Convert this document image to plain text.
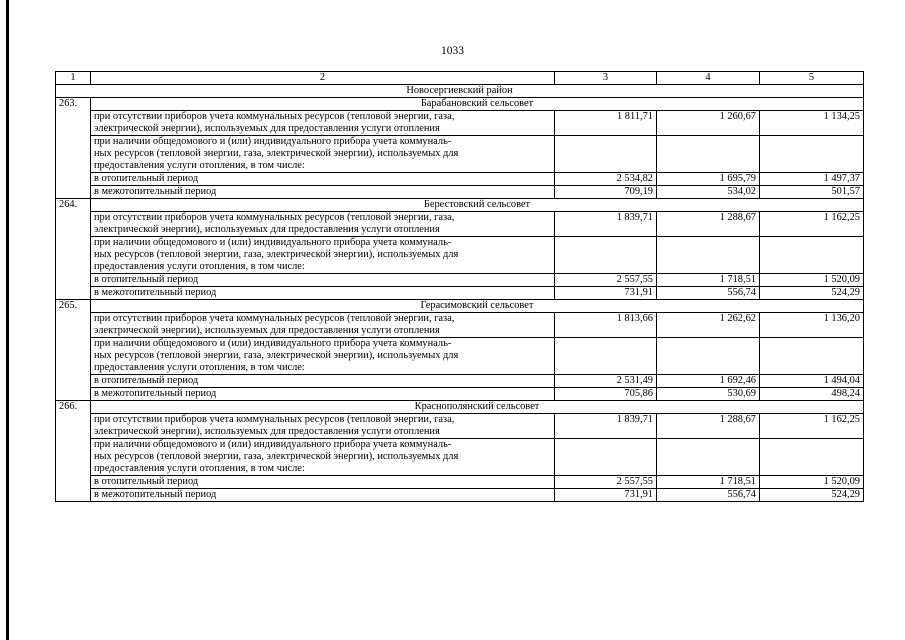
1033
1	2	3	4	5
Новосергиевский район				
263.	Барабановский сельсовет			

	при отсутствии приборов учета коммунальных ресурсов (тепловой энергии, газа,
электрической энергии), используемых для предоставления услуги отопления	1 811,71	1 260,67	1 134,25

	при наличии общедомового и (или) индивидуального прибора учета коммуналь-
ных ресурсов (тепловой энергии, газа, электрической энергии), используемых для
предоставления услуги отопления, в том числе:			

	в отопительный период	2 534,82	1 695,79	1 497,37
	в межотопительный период	709,19	534,02	501,57
264.	Берестовский сельсовет			

	при отсутствии приборов учета коммунальных ресурсов (тепловой энергии, газа,
электрической энергии), используемых для предоставления услуги отопления	1 839,71	1 288,67	1 162,25

	при наличии общедомового и (или) индивидуального прибора учета коммуналь-
ных ресурсов (тепловой энергии, газа, электрической энергии), используемых для
предоставления услуги отопления, в том числе:			

	в отопительный период	2 557,55	1 718,51	1 520,09
	в межотопительный период	731,91	556,74	524,29
265.	Герасимовский сельсовет			

	при отсутствии приборов учета коммунальных ресурсов (тепловой энергии, газа,
электрической энергии), используемых для предоставления услуги отопления	1 813,66	1 262,62	1 136,20

	при наличии общедомового и (или) индивидуального прибора учета коммуналь-
ных ресурсов (тепловой энергии, газа, электрической энергии), используемых для
предоставления услуги отопления, в том числе:			

	в отопительный период	2 531,49	1 692,46	1 494,04
	в межотопительный период	705,86	530,69	498,24
266.	Краснополянский сельсовет			

	при отсутствии приборов учета коммунальных ресурсов (тепловой энергии, газа,
электрической энергии), используемых для предоставления услуги отопления	1 839,71	1 288,67	1 162,25

	при наличии общедомового и (или) индивидуального прибора учета коммуналь-
ных ресурсов (тепловой энергии, газа, электрической энергии), используемых для
предоставления услуги отопления, в том числе:			

	в отопительный период	2 557,55	1 718,51	1 520,09
	в межотопительный период	731,91	556,74	524,29
